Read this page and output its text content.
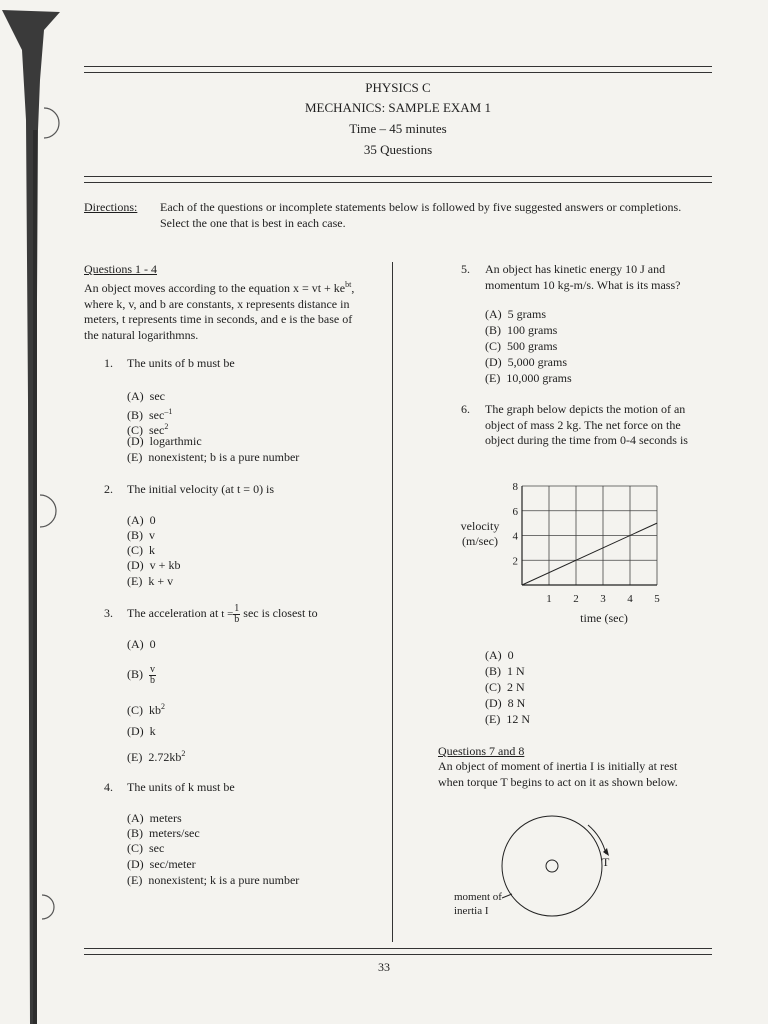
PHYSICS C
MECHANICS: SAMPLE EXAM 1
Time – 45 minutes
35 Questions
Directions: Each of the questions or incomplete statements below is followed by five suggested answers or completions. Select the one that is best in each case.
Questions 1 - 4
An object moves according to the equation x = vt + $ke^{bt}$,
where k, v, and b are constants, x represents distance in
meters, t represents time in seconds, and e is the base of
the natural logarithmns.
1. The units of b must be
(A) sec
(B) $\sec^{-1}$
(C) $\sec^2$
(D) logarthmic
(E) nonexistent; b is a pure number
2. The initial velocity (at t = 0) is
(A) 0
(B) v
(C) k
(D) v + kb
(E) k + v
3. The acceleration at $t = \frac{1}{b}$ sec is closest to
(A) 0
$(B) \frac{v}{b}$
(C) $kb^2$
(D) k
(E) $2.72kb^2$
4. The units of k must be
(A) meters
(B) meters/sec
(C) sec
(D) sec/meter
(E) nonexistent; k is a pure number
5. An object has kinetic energy 10 J and
momentum 10 kg-m/s. What is its mass?
(A) 5 grams
(B) 100 grams
(C) 500 grams
(D) 5,000 grams
(E) 10,000 grams
6. The graph below depicts the motion of an
object of mass 2 kg. The net force on the
object during the time from 0-4 seconds is
2
4
6
8
1 2 3 4 5
velocity
(m/sec)
time (sec)
(A) 0
(B) 1 N
(C) 2 N
(D) 8 N
(E) 12 N
Questions 7 and 8
An object of moment of inertia I is initially at rest
when torque T begins to act on it as shown below.
T
moment of
inertia I
33
